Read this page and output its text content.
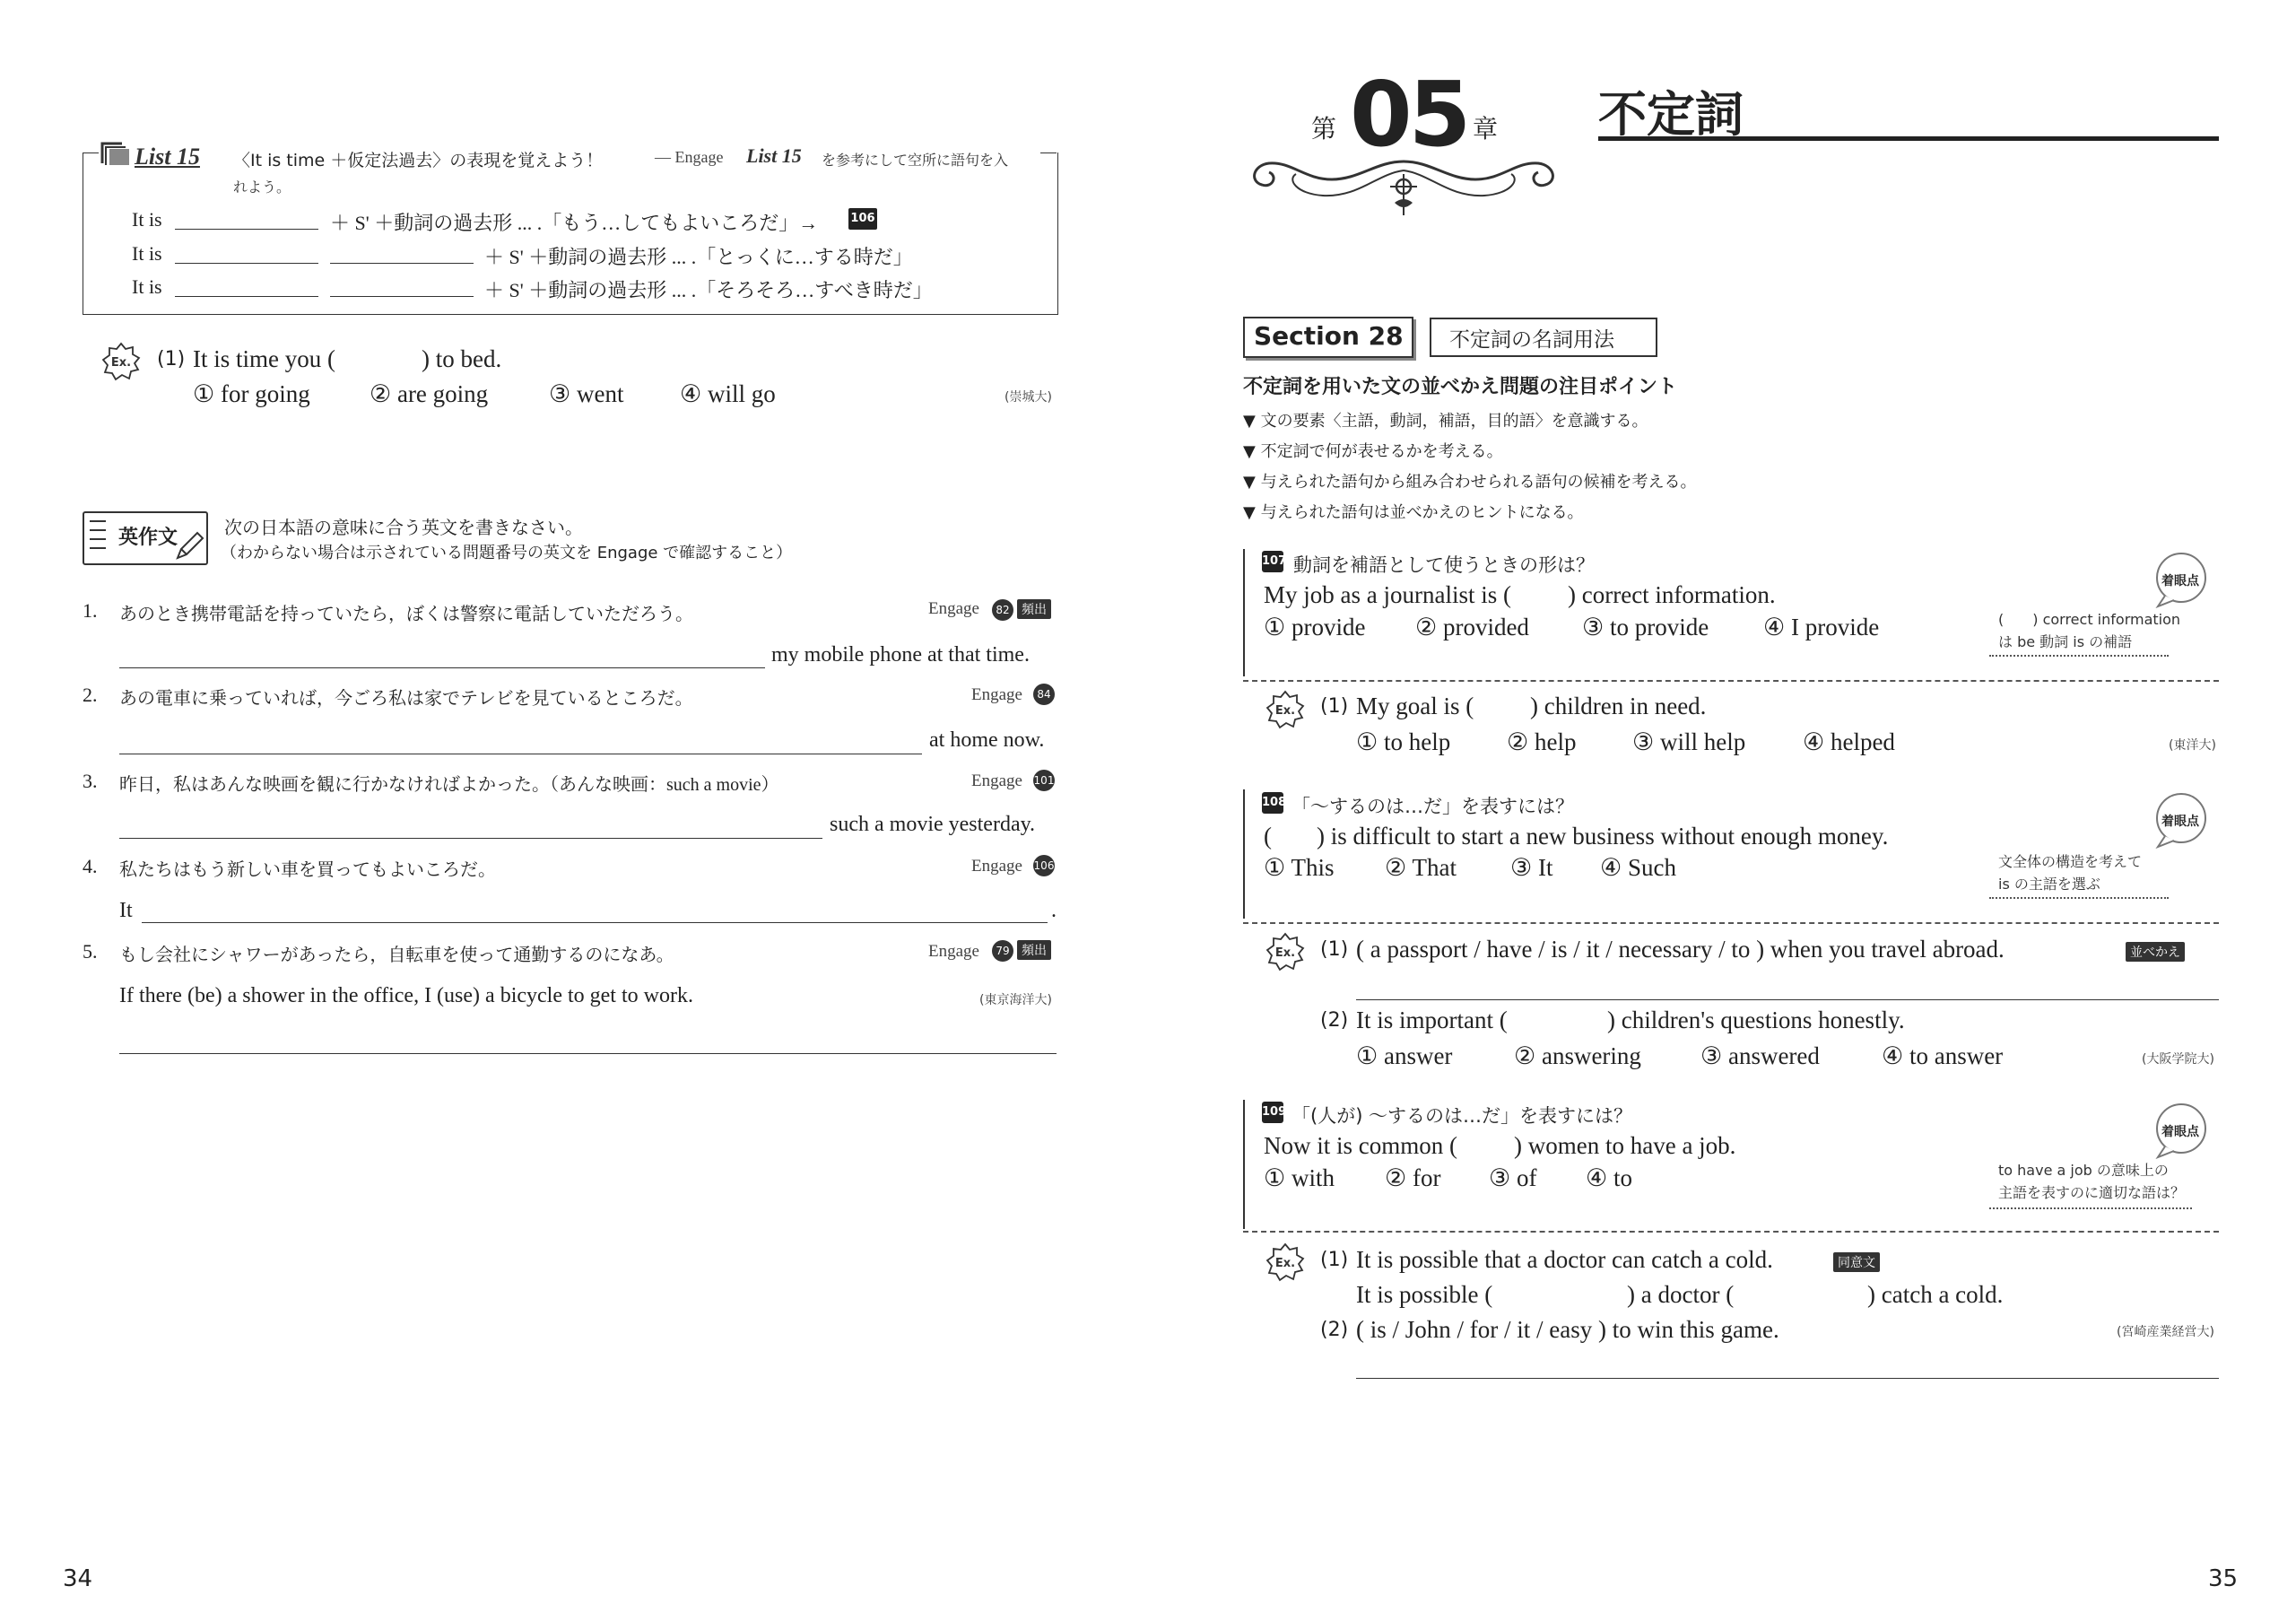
List 15 〈It is time ＋仮定法過去〉の表現を覚えよう！	— Engage List 15 を参考にして空所に語句を入
れよう。
It is	＋ S' ＋動詞の過去形 ... .「もう…してもよいころだ」→	106
It is	＋ S' ＋動詞の過去形 ... .「とっくに…する時だ」
It is	＋ S' ＋動詞の過去形 ... .「そろそろ…すべき時だ」
Ex. (1) It is time you (	) to bed.
① for going ② are going	③ went ④ will go	(崇城大)
英作文	次の日本語の意味に合う英文を書きなさい。
（わからない場合は示されている問題番号の英文を Engage で確認すること）
1. あのとき携帯電話を持っていたら，ぼくは警察に電話していただろう。	Engage	82 頻出
my mobile phone at that time.
2. あの電車に乗っていれば，今ごろ私は家でテレビを見ているところだ。	Engage	84
at home now.
3. 昨日，私はあんな映画を観に行かなければよかった。（あんな映画：such a movie）	Engage 101
such a movie yesterday.
4. 私たちはもう新しい車を買ってもよいころだ。	Engage 106
It	.
5. もし会社にシャワーがあったら，自転車を使って通勤するのになあ。	Engage	79 頻出
If there (be) a shower in the office, I (use) a bicycle to get to work.	(東京海洋大)
34
第 05 章 不定詞
Section 28 不定詞の名詞用法
不定詞を用いた文の並べかえ問題の注目ポイント
▼ 文の要素〈主語，動詞，補語，目的語〉を意識する。
▼ 不定詞で何が表せるかを考える。
▼ 与えられた語句から組み合わせられる語句の候補を考える。
▼ 与えられた語句は並べかえのヒントになる。
107 動詞を補語として使うときの形は？
My job as a journalist is ( ) correct information.
① provide ② provided ③ to provide ④ I provide
着眼点
(　　) correct information
は be 動詞 is の補語
Ex. (1) My goal is ( ) children in need.
① to help ② help ③ will help ④ helped	(東洋大)
108 「〜するのは…だ」を表すには？
( ) is difficult to start a new business without enough money.
① This ② That ③ It ④ Such
着眼点
文全体の構造を考えて
is の主語を選ぶ
Ex. (1) ( a passport / have / is / it / necessary / to ) when you travel abroad.	並べかえ
(2) It is important (	) children's questions honestly.
① answer	② answering ③ answered	④ to answer	(大阪学院大)
109 「(人が) 〜するのは…だ」を表すには？
Now it is common ( ) women to have a job.
① with ② for ③ of ④ to
着眼点
to have a job の意味上の
主語を表すのに適切な語は？
Ex. (1) It is possible that a doctor can catch a cold.	同意文
It is possible (	) a doctor (	) catch a cold.
(2) ( is / John / for / it / easy ) to win this game.	(宮崎産業経営大)
35
